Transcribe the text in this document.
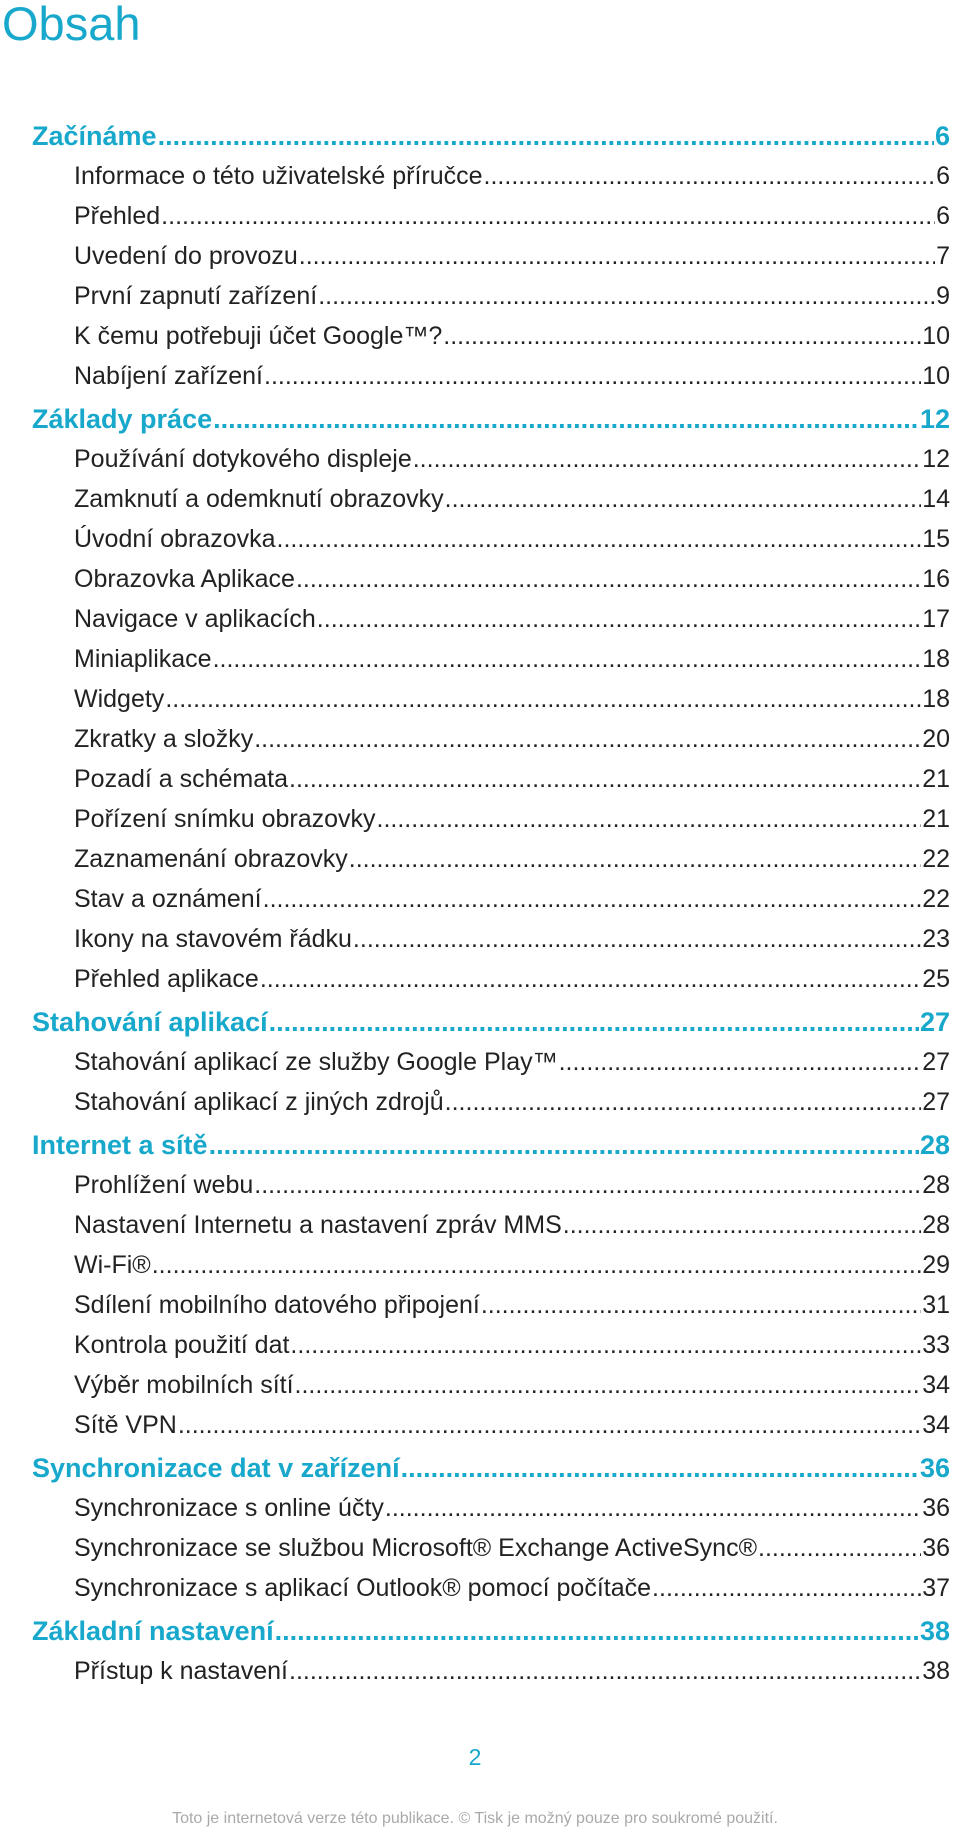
Obsah
Začínáme .....	6
Informace o této uživatelské příručce .....	6
Přehled .....	6
Uvedení do provozu .....	7
První zapnutí zařízení .....	9
K čemu potřebuji účet Google™? .....	10
Nabíjení zařízení .....	10
Základy práce .....	12
Používání dotykového displeje .....	12
Zamknutí a odemknutí obrazovky .....	14
Úvodní obrazovka .....	15
Obrazovka Aplikace .....	16
Navigace v aplikacích .....	17
Miniaplikace .....	18
Widgety .....	18
Zkratky a složky .....	20
Pozadí a schémata .....	21
Pořízení snímku obrazovky .....	21
Zaznamenání obrazovky .....	22
Stav a oznámení .....	22
Ikony na stavovém řádku .....	23
Přehled aplikace .....	25
Stahování aplikací .....	27
Stahování aplikací ze služby Google Play™ .....	27
Stahování aplikací z jiných zdrojů .....	27
Internet a sítě .....	28
Prohlížení webu .....	28
Nastavení Internetu a nastavení zpráv MMS .....	28
Wi-Fi® .....	29
Sdílení mobilního datového připojení .....	31
Kontrola použití dat .....	33
Výběr mobilních sítí .....	34
Sítě VPN .....	34
Synchronizace dat v zařízení .....	36
Synchronizace s online účty .....	36
Synchronizace se službou Microsoft® Exchange ActiveSync® .....	36
Synchronizace s aplikací Outlook® pomocí počítače .....	37
Základní nastavení .....	38
Přístup k nastavení .....	38
2
Toto je internetová verze této publikace. © Tisk je možný pouze pro soukromé použití.
